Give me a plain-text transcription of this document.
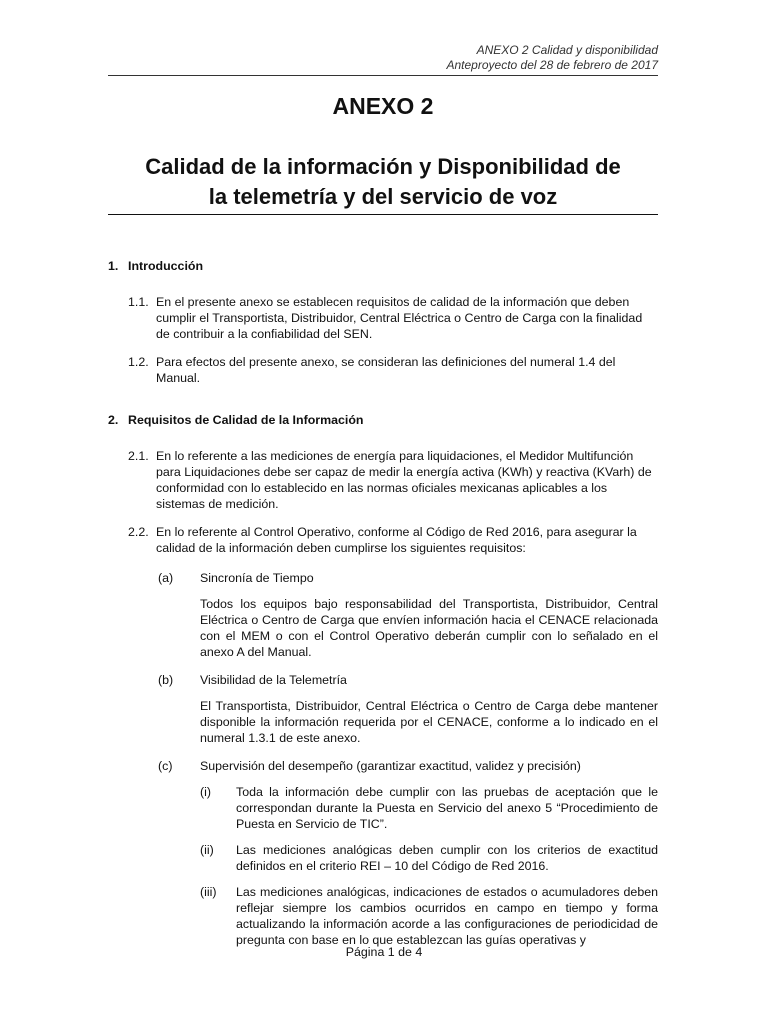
ANEXO 2 Calidad y disponibilidad
Anteproyecto del 28 de febrero de 2017
ANEXO 2
Calidad de la información y Disponibilidad de
la telemetría y del servicio de voz
1. Introducción
1.1. En el presente anexo se establecen requisitos de calidad de la información que deben cumplir el Transportista, Distribuidor, Central Eléctrica o Centro de Carga con la finalidad de contribuir a la confiabilidad del SEN.
1.2. Para efectos del presente anexo, se consideran las definiciones del numeral 1.4 del Manual.
2. Requisitos de Calidad de la Información
2.1. En lo referente a las mediciones de energía para liquidaciones, el Medidor Multifunción para Liquidaciones debe ser capaz de medir la energía activa (KWh) y reactiva (KVarh) de conformidad con lo establecido en las normas oficiales mexicanas aplicables a los sistemas de medición.
2.2. En lo referente al Control Operativo, conforme al Código de Red 2016, para asegurar la calidad de la información deben cumplirse los siguientes requisitos:
(a)	Sincronía de Tiempo
Todos los equipos bajo responsabilidad del Transportista, Distribuidor, Central Eléctrica o Centro de Carga que envíen información hacia el CENACE relacionada con el MEM o con el Control Operativo deberán cumplir con lo señalado en el anexo A del Manual.
(b)	Visibilidad de la Telemetría
El Transportista, Distribuidor, Central Eléctrica o Centro de Carga debe mantener disponible la información requerida por el CENACE, conforme a lo indicado en el numeral 1.3.1 de este anexo.
(c)	Supervisión del desempeño (garantizar exactitud, validez y precisión)
(i)	Toda la información debe cumplir con las pruebas de aceptación que le correspondan durante la Puesta en Servicio del anexo 5 “Procedimiento de Puesta en Servicio de TIC”.
(ii)	Las mediciones analógicas deben cumplir con los criterios de exactitud definidos en el criterio REI – 10 del Código de Red 2016.
(iii)	Las mediciones analógicas, indicaciones de estados o acumuladores deben reflejar siempre los cambios ocurridos en campo en tiempo y forma actualizando la información acorde a las configuraciones de periodicidad de pregunta con base en lo que establezcan las guías operativas y
Página 1 de 4
